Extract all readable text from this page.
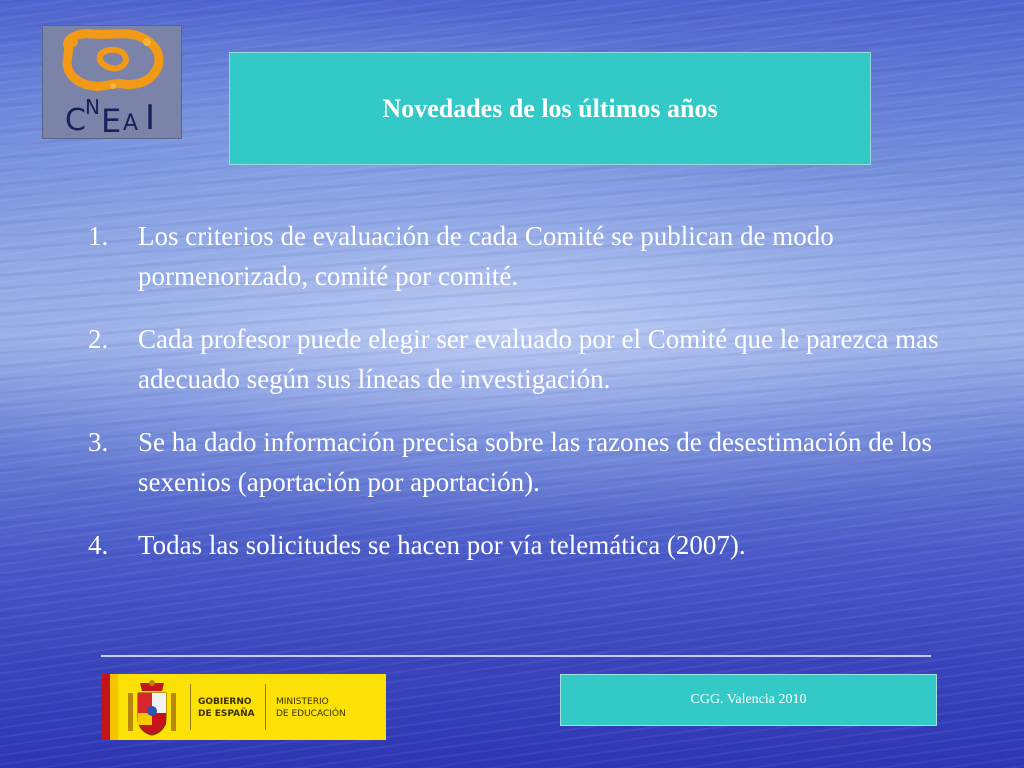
C N E A I	Novedades de los últimos años
1.	Los criterios de evaluación de cada Comité se publican de modo pormenorizado, comité por comité.
2.	Cada profesor puede elegir ser evaluado por el Comité que le parezca mas adecuado según sus líneas de investigación.
3.	Se ha dado información precisa sobre las razones de desestimación de los sexenios (aportación por aportación).
4.	Todas las solicitudes se hacen por vía telemática (2007).
GOBIERNO
DE ESPAÑA
MINISTERIO
DE EDUCACIÓN
CGG. Valencia 2010
